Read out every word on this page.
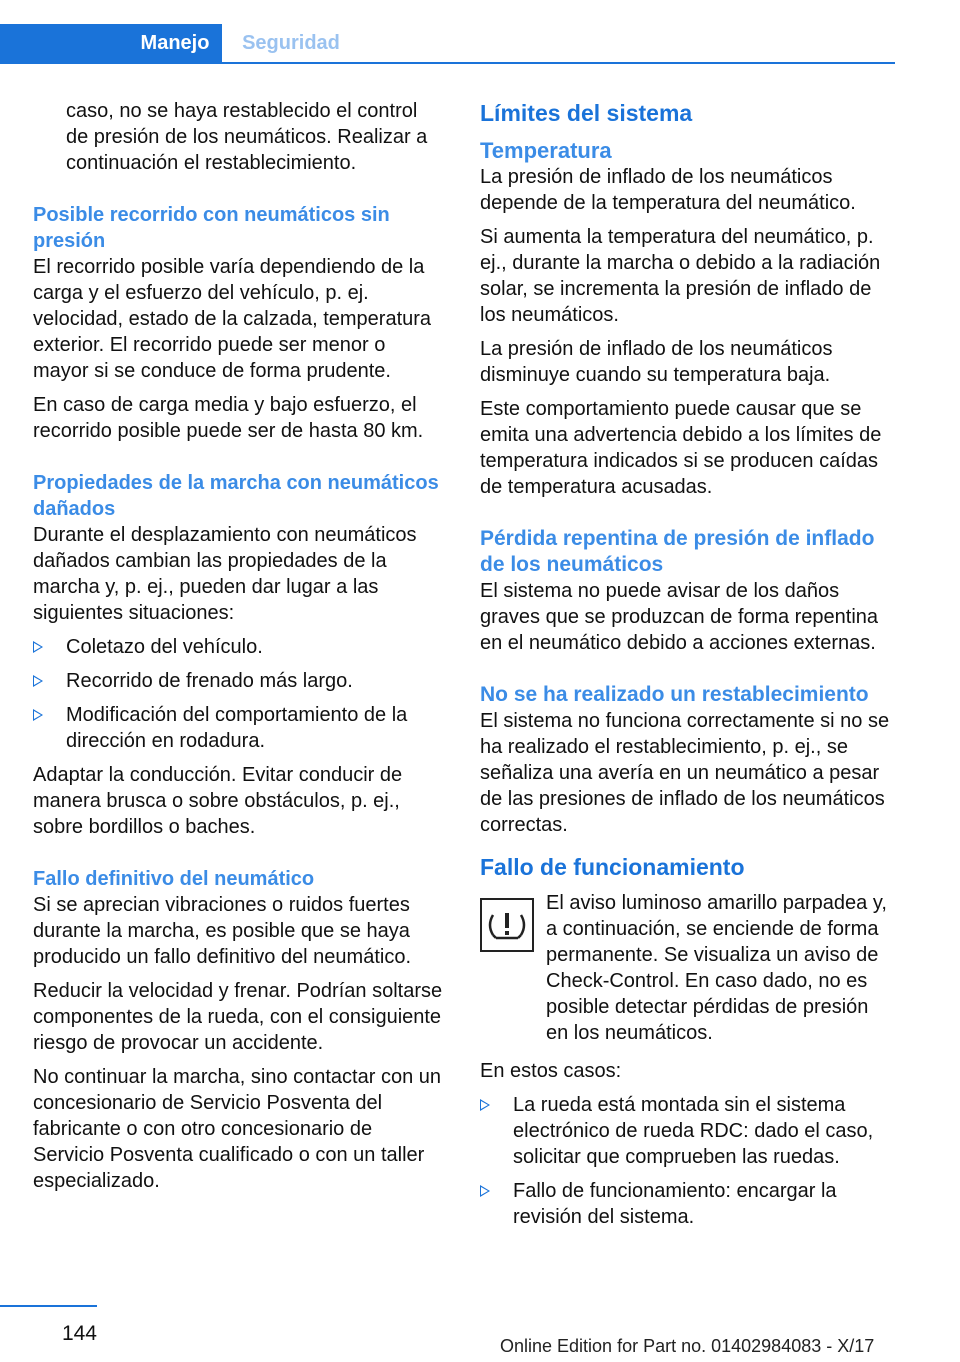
Manejo	Seguridad

caso, no se haya restablecido el control de presión de los neumáticos. Realizar a continuación el restablecimiento.

Posible recorrido con neumáticos sin presión

El recorrido posible varía dependiendo de la carga y el esfuerzo del vehículo, p. ej. velocidad, estado de la calzada, temperatura exterior. El recorrido puede ser menor o mayor si se conduce de forma prudente.

En caso de carga media y bajo esfuerzo, el recorrido posible puede ser de hasta 80 km.

Propiedades de la marcha con neumáticos dañados

Durante el desplazamiento con neumáticos dañados cambian las propiedades de la marcha y, p. ej., pueden dar lugar a las siguientes situaciones:

Coletazo del vehículo.
Recorrido de frenado más largo.
Modificación del comportamiento de la dirección en rodadura.

Adaptar la conducción. Evitar conducir de manera brusca o sobre obstáculos, p. ej., sobre bordillos o baches.

Fallo definitivo del neumático

Si se aprecian vibraciones o ruidos fuertes durante la marcha, es posible que se haya producido un fallo definitivo del neumático.

Reducir la velocidad y frenar. Podrían soltarse componentes de la rueda, con el consiguiente riesgo de provocar un accidente.

No continuar la marcha, sino contactar con un concesionario de Servicio Posventa del fabricante o con otro concesionario de Servicio Posventa cualificado o con un taller especializado.

Límites del sistema
Temperatura

La presión de inflado de los neumáticos depende de la temperatura del neumático.

Si aumenta la temperatura del neumático, p. ej., durante la marcha o debido a la radiación solar, se incrementa la presión de inflado de los neumáticos.

La presión de inflado de los neumáticos disminuye cuando su temperatura baja.

Este comportamiento puede causar que se emita una advertencia debido a los límites de temperatura indicados si se producen caídas de temperatura acusadas.

Pérdida repentina de presión de inflado de los neumáticos

El sistema no puede avisar de los daños graves que se produzcan de forma repentina en el neumático debido a acciones externas.

No se ha realizado un restablecimiento

El sistema no funciona correctamente si no se ha realizado el restablecimiento, p. ej., se señaliza una avería en un neumático a pesar de las presiones de inflado de los neumáticos correctas.

Fallo de funcionamiento

El aviso luminoso amarillo parpadea y, a continuación, se enciende de forma permanente. Se visualiza un aviso de Check-Control. En caso dado, no es posible detectar pérdidas de presión en los neumáticos.

En estos casos:

La rueda está montada sin el sistema electrónico de rueda RDC: dado el caso, solicitar que comprueben las ruedas.
Fallo de funcionamiento: encargar la revisión del sistema.
144
Online Edition for Part no. 01402984083 - X/17
